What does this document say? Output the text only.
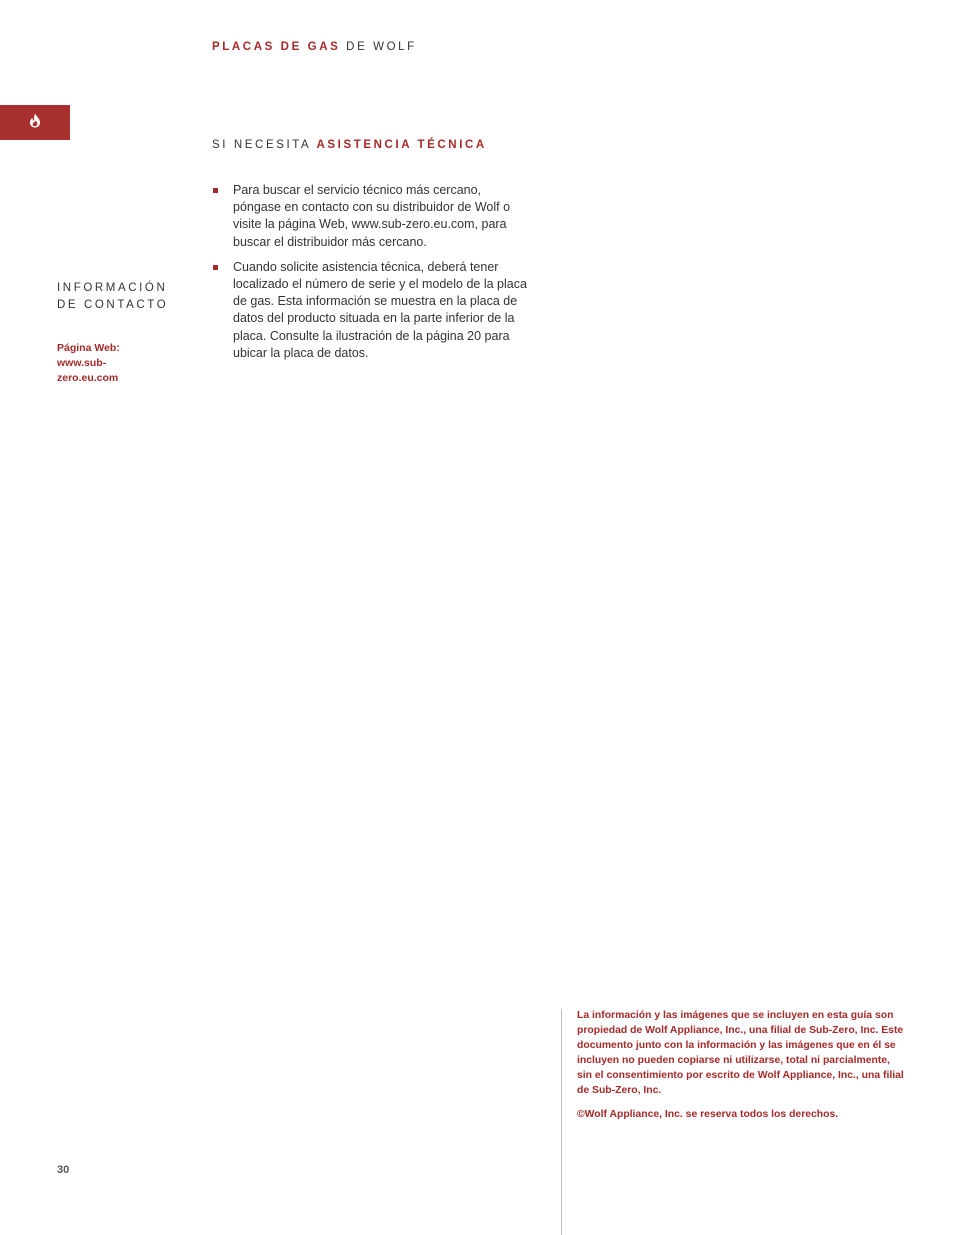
PLACAS DE GAS DE WOLF
SI NECESITA ASISTENCIA TÉCNICA
Para buscar el servicio técnico más cercano, póngase en contacto con su distribuidor de Wolf o visite la página Web, www.sub-zero.eu.com, para buscar el distribuidor más cercano.
Cuando solicite asistencia técnica, deberá tener localizado el número de serie y el modelo de la placa de gas. Esta información se muestra en la placa de datos del producto situada en la parte inferior de la placa. Consulte la ilustración de la página 20 para ubicar la placa de datos.
INFORMACIÓN
DE CONTACTO
Página Web:
www.sub-
zero.eu.com

La información y las imágenes que se incluyen en esta guía son propiedad de Wolf Appliance, Inc., una filial de Sub-Zero, Inc. Este documento junto con la información y las imágenes que en él se incluyen no pueden copiarse ni utilizarse, total ni parcialmente, sin el consentimiento por escrito de Wolf Appliance, Inc., una filial de Sub-Zero, Inc.

©Wolf Appliance, Inc. se reserva todos los derechos.

30
